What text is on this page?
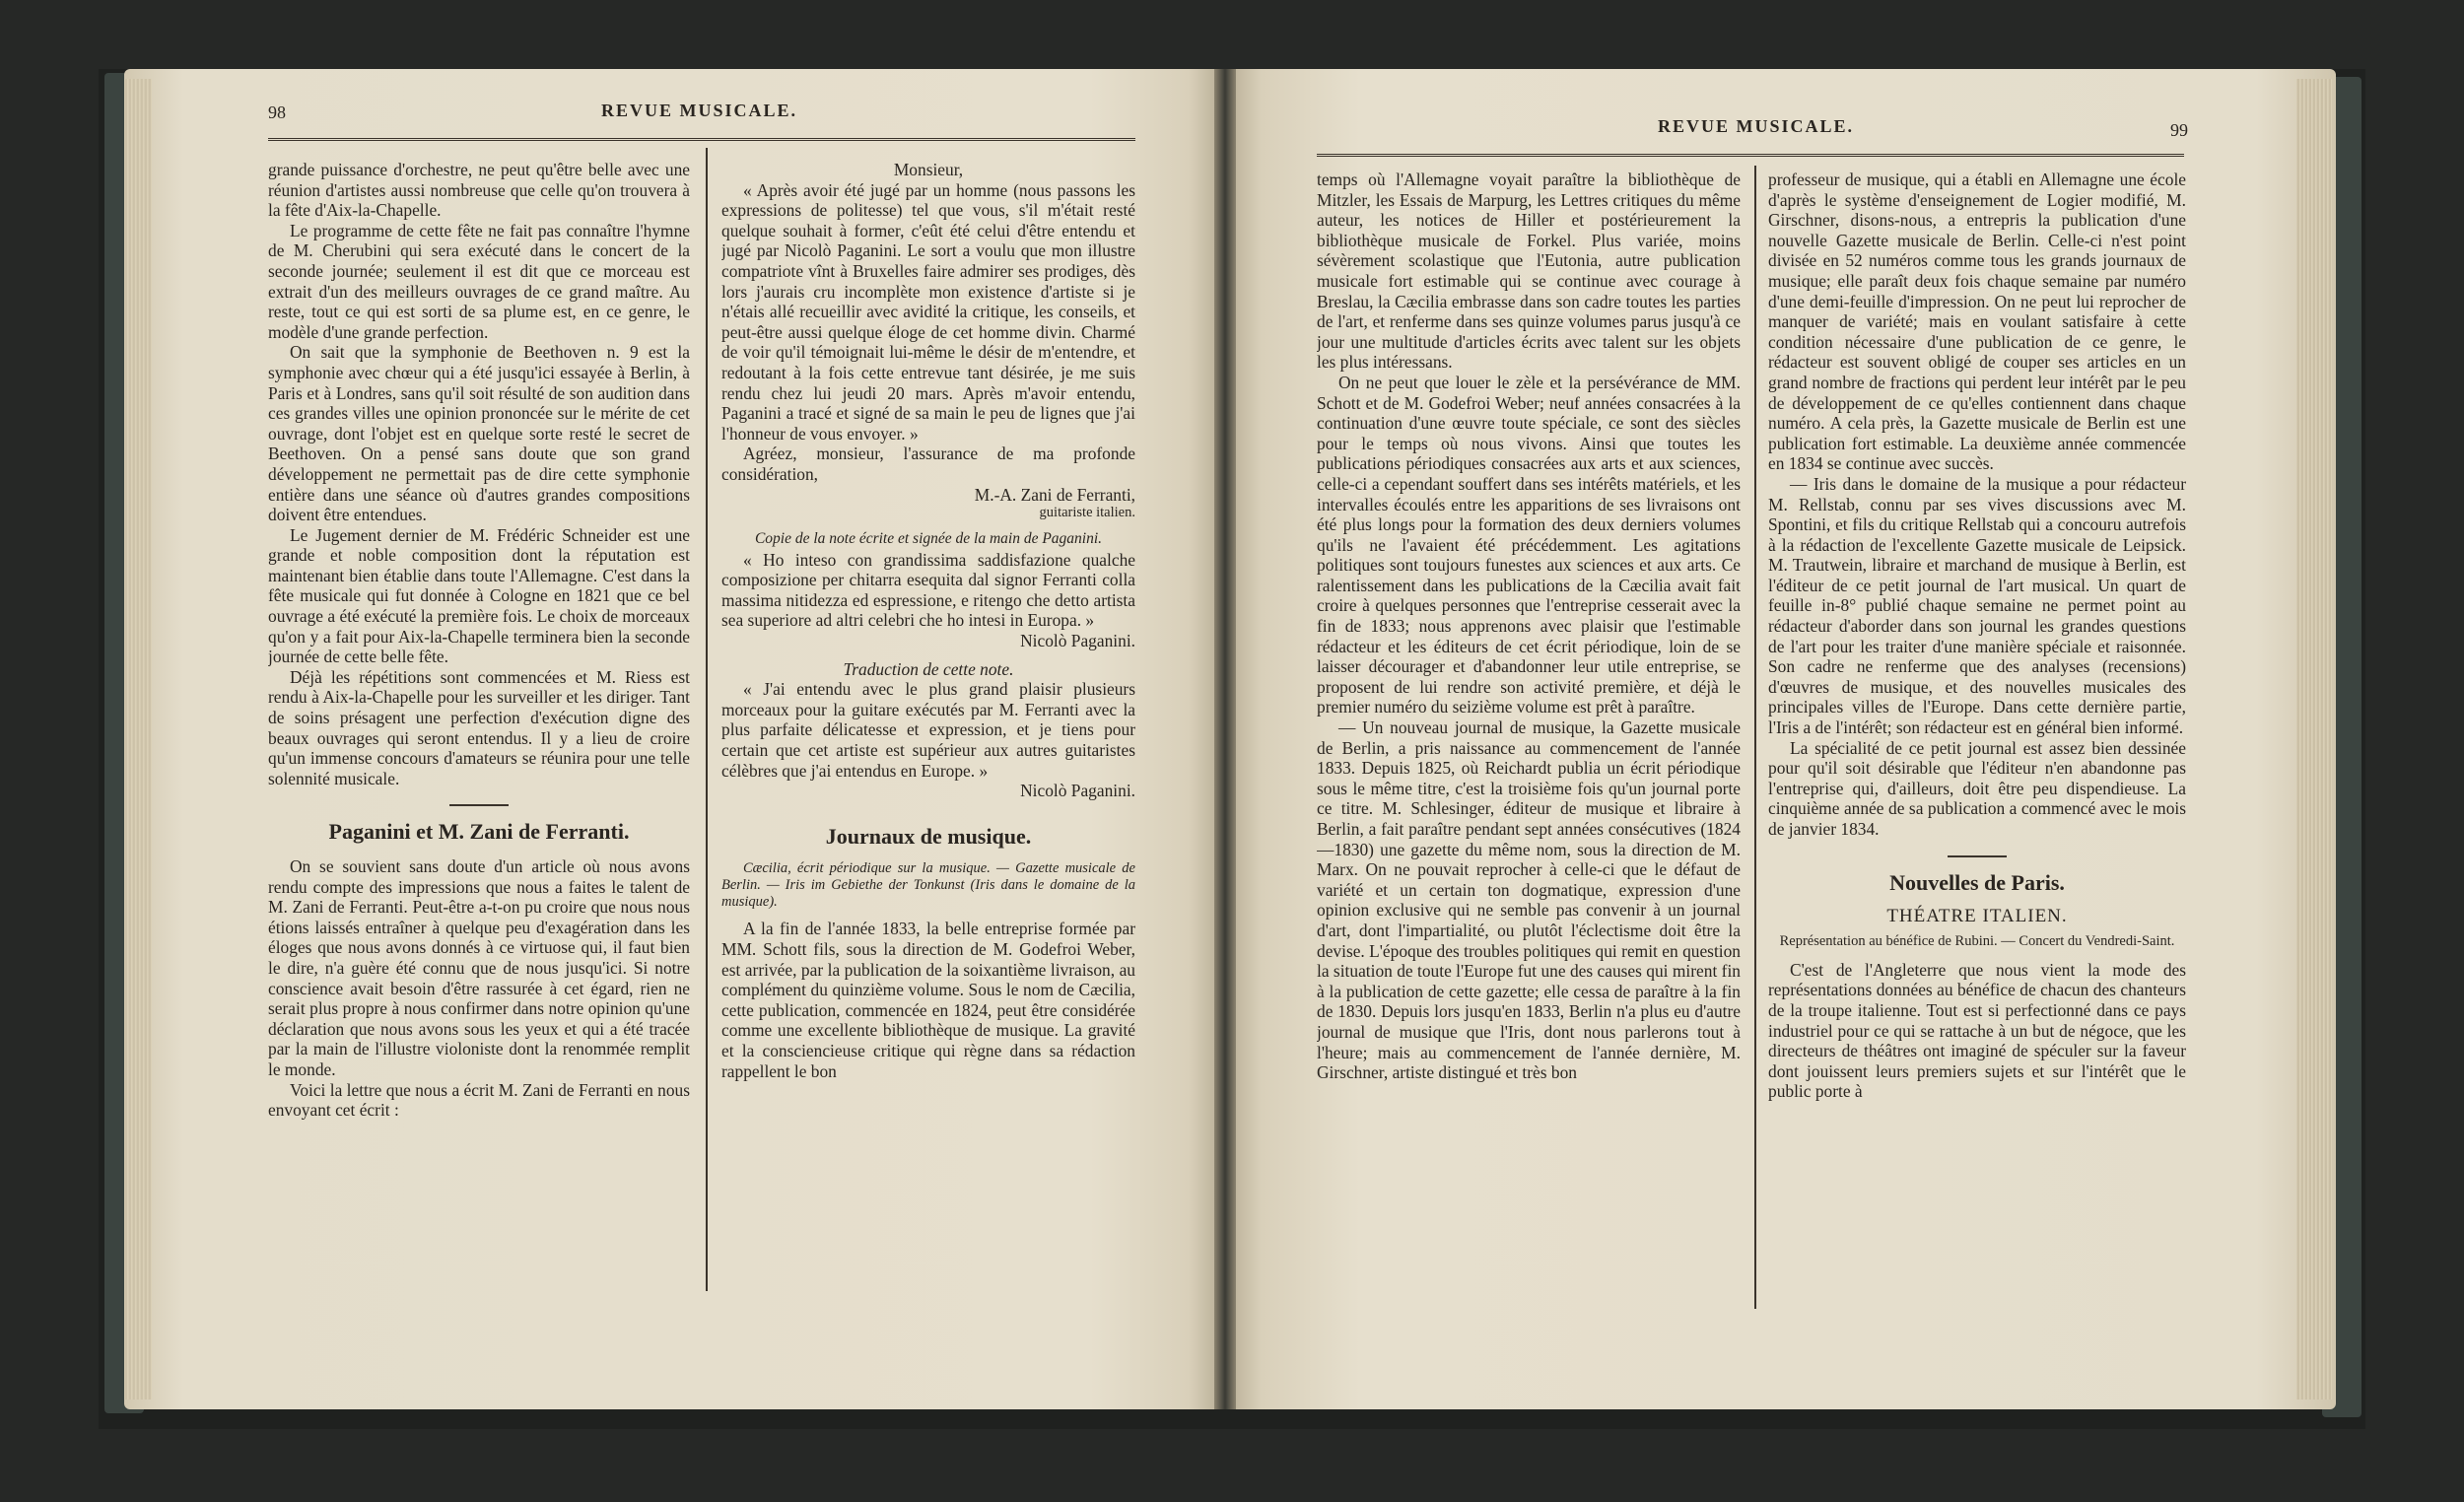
98	REVUE MUSICALE.

grande puissance d'orchestre, ne peut qu'être belle avec une réunion d'artistes aussi nombreuse que celle qu'on trouvera à la fête d'Aix-la-Chapelle.

Le programme de cette fête ne fait pas connaître l'hymne de M. Cherubini qui sera exécuté dans le concert de la seconde journée; seulement il est dit que ce morceau est extrait d'un des meilleurs ouvrages de ce grand maître. Au reste, tout ce qui est sorti de sa plume est, en ce genre, le modèle d'une grande perfection.

On sait que la symphonie de Beethoven n. 9 est la symphonie avec chœur qui a été jusqu'ici essayée à Berlin, à Paris et à Londres, sans qu'il soit résulté de son audition dans ces grandes villes une opinion prononcée sur le mérite de cet ouvrage, dont l'objet est en quelque sorte resté le secret de Beethoven. On a pensé sans doute que son grand développement ne permettait pas de dire cette symphonie entière dans une séance où d'autres grandes compositions doivent être entendues.

Le Jugement dernier de M. Frédéric Schneider est une grande et noble composition dont la réputation est maintenant bien établie dans toute l'Allemagne. C'est dans la fête musicale qui fut donnée à Cologne en 1821 que ce bel ouvrage a été exécuté la première fois. Le choix de morceaux qu'on y a fait pour Aix-la-Chapelle terminera bien la seconde journée de cette belle fête.

Déjà les répétitions sont commencées et M. Riess est rendu à Aix-la-Chapelle pour les surveiller et les diriger. Tant de soins présagent une perfection d'exécution digne des beaux ouvrages qui seront entendus. Il y a lieu de croire qu'un immense concours d'amateurs se réunira pour une telle solennité musicale.

Paganini et M. Zani de Ferranti.

On se souvient sans doute d'un article où nous avons rendu compte des impressions que nous a faites le talent de M. Zani de Ferranti. Peut-être a-t-on pu croire que nous nous étions laissés entraîner à quelque peu d'exagération dans les éloges que nous avons donnés à ce virtuose qui, il faut bien le dire, n'a guère été connu que de nous jusqu'ici. Si notre conscience avait besoin d'être rassurée à cet égard, rien ne serait plus propre à nous confirmer dans notre opinion qu'une déclaration que nous avons sous les yeux et qui a été tracée par la main de l'illustre violoniste dont la renommée remplit le monde.

Voici la lettre que nous a écrit M. Zani de Ferranti en nous envoyant cet écrit :

Monsieur,

« Après avoir été jugé par un homme (nous passons les expressions de politesse) tel que vous, s'il m'était resté quelque souhait à former, c'eût été celui d'être entendu et jugé par Nicolò Paganini. Le sort a voulu que mon illustre compatriote vînt à Bruxelles faire admirer ses prodiges, dès lors j'aurais cru incomplète mon existence d'artiste si je n'étais allé recueillir avec avidité la critique, les conseils, et peut-être aussi quelque éloge de cet homme divin. Charmé de voir qu'il témoignait lui-même le désir de m'entendre, et redoutant à la fois cette entrevue tant désirée, je me suis rendu chez lui jeudi 20 mars. Après m'avoir entendu, Paganini a tracé et signé de sa main le peu de lignes que j'ai l'honneur de vous envoyer. »

Agréez, monsieur, l'assurance de ma profonde considération,

M.-A. Zani de Ferranti,

guitariste italien.

Copie de la note écrite et signée de la main de Paganini.

« Ho inteso con grandissima saddisfazione qualche composizione per chitarra esequita dal signor Ferranti colla massima nitidezza ed espressione, e ritengo che detto artista sea superiore ad altri celebri che ho intesi in Europa. »

Nicolò Paganini.

Traduction de cette note.

« J'ai entendu avec le plus grand plaisir plusieurs morceaux pour la guitare exécutés par M. Ferranti avec la plus parfaite délicatesse et expression, et je tiens pour certain que cet artiste est supérieur aux autres guitaristes célèbres que j'ai entendus en Europe. »

Nicolò Paganini.

Journaux de musique.

Cæcilia, écrit périodique sur la musique. — Gazette musicale de Berlin. — Iris im Gebiethe der Tonkunst (Iris dans le domaine de la musique).

A la fin de l'année 1833, la belle entreprise formée par MM. Schott fils, sous la direction de M. Godefroi Weber, est arrivée, par la publication de la soixantième livraison, au complément du quinzième volume. Sous le nom de Cæcilia, cette publication, commencée en 1824, peut être considérée comme une excellente bibliothèque de musique. La gravité et la consciencieuse critique qui règne dans sa rédaction rappellent le bon

REVUE MUSICALE.	99

temps où l'Allemagne voyait paraître la bibliothèque de Mitzler, les Essais de Marpurg, les Lettres critiques du même auteur, les notices de Hiller et postérieurement la bibliothèque musicale de Forkel. Plus variée, moins sévèrement scolastique que l'Eutonia, autre publication musicale fort estimable qui se continue avec courage à Breslau, la Cæcilia embrasse dans son cadre toutes les parties de l'art, et renferme dans ses quinze volumes parus jusqu'à ce jour une multitude d'articles écrits avec talent sur les objets les plus intéressans.

On ne peut que louer le zèle et la persévérance de MM. Schott et de M. Godefroi Weber; neuf années consacrées à la continuation d'une œuvre toute spéciale, ce sont des siècles pour le temps où nous vivons. Ainsi que toutes les publications périodiques consacrées aux arts et aux sciences, celle-ci a cependant souffert dans ses intérêts matériels, et les intervalles écoulés entre les apparitions de ses livraisons ont été plus longs pour la formation des deux derniers volumes qu'ils ne l'avaient été précédemment. Les agitations politiques sont toujours funestes aux sciences et aux arts. Ce ralentissement dans les publications de la Cæcilia avait fait croire à quelques personnes que l'entreprise cesserait avec la fin de 1833; nous apprenons avec plaisir que l'estimable rédacteur et les éditeurs de cet écrit périodique, loin de se laisser décourager et d'abandonner leur utile entreprise, se proposent de lui rendre son activité première, et déjà le premier numéro du seizième volume est prêt à paraître.

— Un nouveau journal de musique, la Gazette musicale de Berlin, a pris naissance au commencement de l'année 1833. Depuis 1825, où Reichardt publia un écrit périodique sous le même titre, c'est la troisième fois qu'un journal porte ce titre. M. Schlesinger, éditeur de musique et libraire à Berlin, a fait paraître pendant sept années consécutives (1824—1830) une gazette du même nom, sous la direction de M. Marx. On ne pouvait reprocher à celle-ci que le défaut de variété et un certain ton dogmatique, expression d'une opinion exclusive qui ne semble pas convenir à un journal d'art, dont l'impartialité, ou plutôt l'éclectisme doit être la devise. L'époque des troubles politiques qui remit en question la situation de toute l'Europe fut une des causes qui mirent fin à la publication de cette gazette; elle cessa de paraître à la fin de 1830. Depuis lors jusqu'en 1833, Berlin n'a plus eu d'autre journal de musique que l'Iris, dont nous parlerons tout à l'heure; mais au commencement de l'année dernière, M. Girschner, artiste distingué et très bon

professeur de musique, qui a établi en Allemagne une école d'après le système d'enseignement de Logier modifié, M. Girschner, disons-nous, a entrepris la publication d'une nouvelle Gazette musicale de Berlin. Celle-ci n'est point divisée en 52 numéros comme tous les grands journaux de musique; elle paraît deux fois chaque semaine par numéro d'une demi-feuille d'impression. On ne peut lui reprocher de manquer de variété; mais en voulant satisfaire à cette condition nécessaire d'une publication de ce genre, le rédacteur est souvent obligé de couper ses articles en un grand nombre de fractions qui perdent leur intérêt par le peu de développement de ce qu'elles contiennent dans chaque numéro. A cela près, la Gazette musicale de Berlin est une publication fort estimable. La deuxième année commencée en 1834 se continue avec succès.

— Iris dans le domaine de la musique a pour rédacteur M. Rellstab, connu par ses vives discussions avec M. Spontini, et fils du critique Rellstab qui a concouru autrefois à la rédaction de l'excellente Gazette musicale de Leipsick. M. Trautwein, libraire et marchand de musique à Berlin, est l'éditeur de ce petit journal de l'art musical. Un quart de feuille in-8° publié chaque semaine ne permet point au rédacteur d'aborder dans son journal les grandes questions de l'art pour les traiter d'une manière spéciale et raisonnée. Son cadre ne renferme que des analyses (recensions) d'œuvres de musique, et des nouvelles musicales des principales villes de l'Europe. Dans cette dernière partie, l'Iris a de l'intérêt; son rédacteur est en général bien informé.

La spécialité de ce petit journal est assez bien dessinée pour qu'il soit désirable que l'éditeur n'en abandonne pas l'entreprise qui, d'ailleurs, doit être peu dispendieuse. La cinquième année de sa publication a commencé avec le mois de janvier 1834.

Nouvelles de Paris.
THÉATRE ITALIEN.

Représentation au bénéfice de Rubini. — Concert du Vendredi-Saint.

C'est de l'Angleterre que nous vient la mode des représentations données au bénéfice de chacun des chanteurs de la troupe italienne. Tout est si perfectionné dans ce pays industriel pour ce qui se rattache à un but de négoce, que les directeurs de théâtres ont imaginé de spéculer sur la faveur dont jouissent leurs premiers sujets et sur l'intérêt que le public porte à
